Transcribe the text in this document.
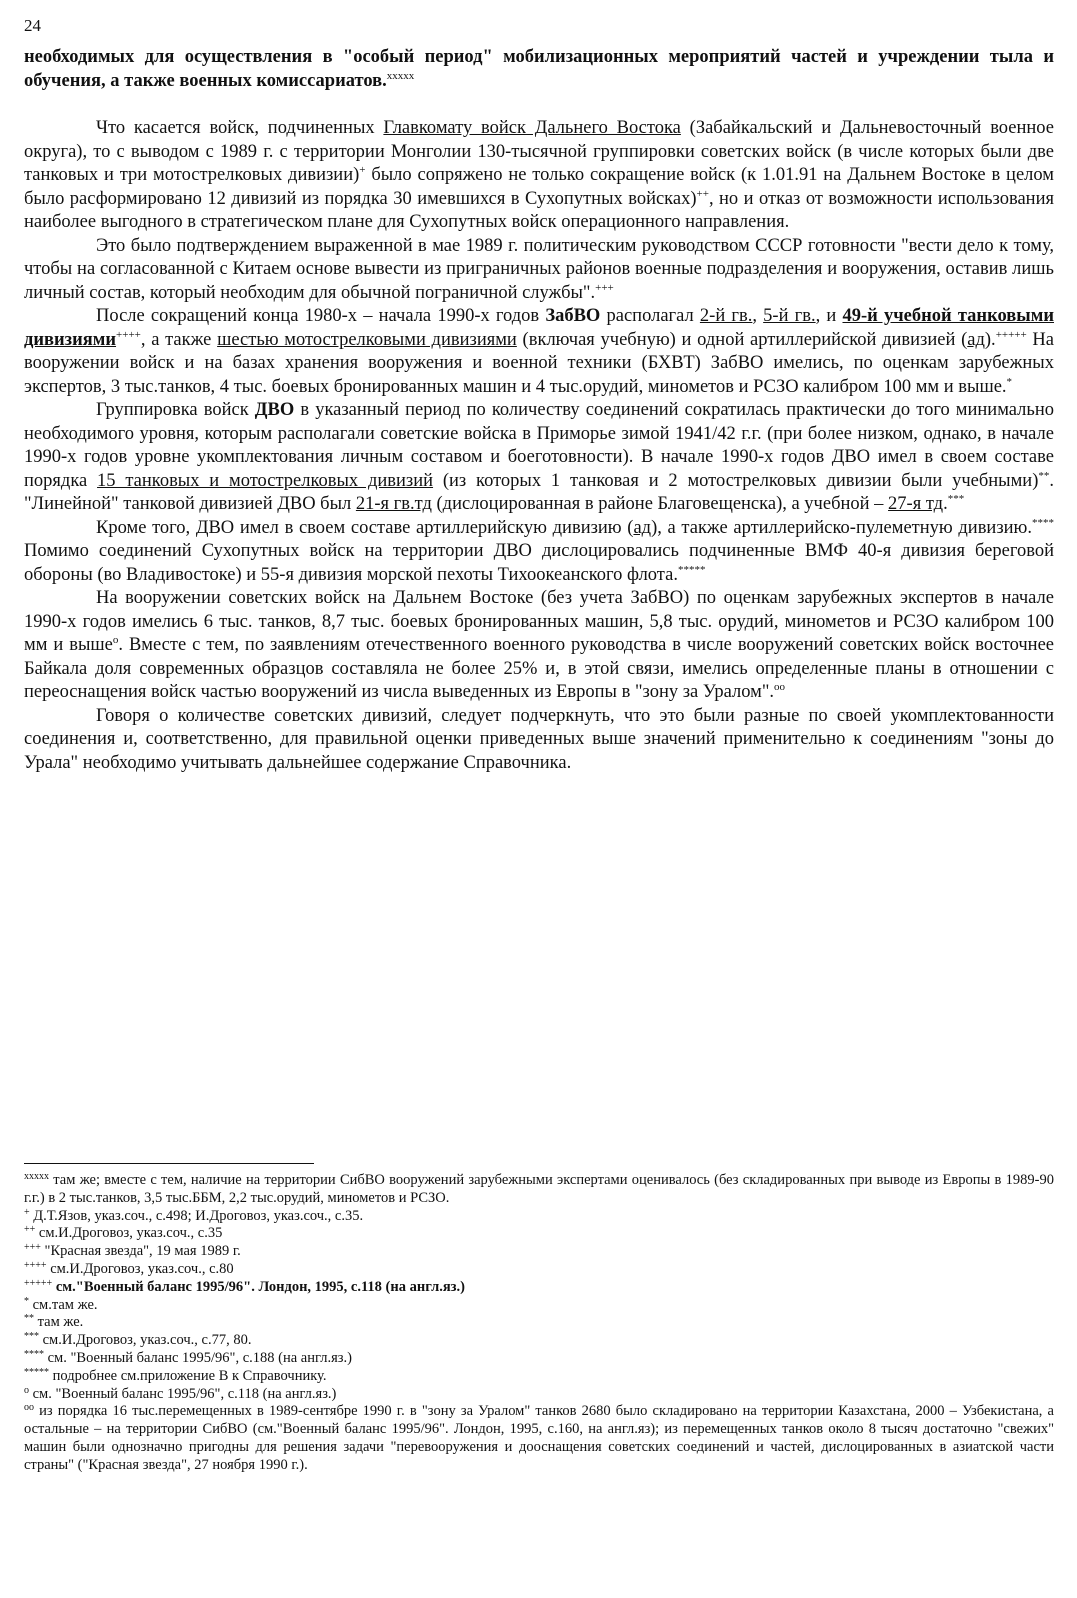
24

необходимых для осуществления в "особый период" мобилизационных мероприятий частей и учреждении тыла и обучения, а также военных комиссариатов.$^{xxxxx}$

Что касается войск, подчиненных Главкомату войск Дальнего Востока (Забайкальский и Дальневосточный военное округа), то с выводом с 1989 г. с территории Монголии 130-тысячной группировки советских войск (в числе которых были две танковых и три мотострелковых дивизии)+ было сопряжено не только сокращение войск (к 1.01.91 на Дальнем Востоке в целом было расформировано 12 дивизий из порядка 30 имевшихся в Сухопутных войсках)++, но и отказ от возможности использования наиболее выгодного в стратегическом плане для Сухопутных войск операционного направления.

Это было подтверждением выраженной в мае 1989 г. политическим руководством СССР готовности "вести дело к тому, чтобы на согласованной с Китаем основе вывести из приграничных районов военные подразделения и вооружения, оставив лишь личный состав, который необходим для обычной пограничной службы".+++

После сокращений конца 1980-х – начала 1990-х годов ЗабВО располагал 2-й гв., 5-й гв., и 49-й учебной танковыми дивизиями++++, а также шестью мотострелковыми дивизиями (включая учебную) и одной артиллерийской дивизией (ад).+++++ На вооружении войск и на базах хранения вооружения и военной техники (БХВТ) ЗабВО имелись, по оценкам зарубежных экспертов, 3 тыс.танков, 4 тыс. боевых бронированных машин и 4 тыс.орудий, минометов и РСЗО калибром 100 мм и выше.*

Группировка войск ДВО в указанный период по количеству соединений сократилась практически до того минимально необходимого уровня, которым располагали советские войска в Приморье зимой 1941/42 г.г. (при более низком, однако, в начале 1990-х годов уровне укомплектования личным составом и боеготовности). В начале 1990-х годов ДВО имел в своем составе порядка 15 танковых и мотострелковых дивизий (из которых 1 танковая и 2 мотострелковых дивизии были учебными)**. "Линейной" танковой дивизией ДВО был 21-я гв.тд (дислоцированная в районе Благовещенска), а учебной – 27-я тд.***

Кроме того, ДВО имел в своем составе артиллерийскую дивизию (ад), а также артиллерийско-пулеметную дивизию.**** Помимо соединений Сухопутных войск на территории ДВО дислоцировались подчиненные ВМФ 40-я дивизия береговой обороны (во Владивостоке) и 55-я дивизия морской пехоты Тихоокеанского флота.*****

На вооружении советских войск на Дальнем Востоке (без учета ЗабВО) по оценкам зарубежных экспертов в начале 1990-х годов имелись 6 тыс. танков, 8,7 тыс. боевых бронированных машин, 5,8 тыс. орудий, минометов и РСЗО калибром 100 мм и выше$^o$. Вместе с тем, по заявлениям отечественного военного руководства в числе вооружений советских войск восточнее Байкала доля современных образцов составляла не более 25% и, в этой связи, имелись определенные планы в отношении с переоснащения войск частью вооружений из числа выведенных из Европы в "зону за Уралом".$^{oo}$

Говоря о количестве советских дивизий, следует подчеркнуть, что это были разные по своей укомплектованности соединения и, соответственно, для правильной оценки приведенных выше значений применительно к соединениям "зоны до Урала" необходимо учитывать дальнейшее содержание Справочника.

$^{xxxxx}$ там же; вместе с тем, наличие на территории СибВО вооружений зарубежными экспертами оценивалось (без складированных при выводе из Европы в 1989-90 г.г.) в 2 тыс.танков, 3,5 тыс.ББМ, 2,2 тыс.орудий, минометов и РСЗО.

+ Д.Т.Язов, указ.соч., с.498; И.Дроговоз, указ.соч., с.35.

++ см.И.Дроговоз, указ.соч., с.35

+++ "Красная звезда", 19 мая 1989 г.

++++ см.И.Дроговоз, указ.соч., с.80

+++++ см."Военный баланс 1995/96". Лондон, 1995, с.118 (на англ.яз.)

* см.там же.

** там же.

*** см.И.Дроговоз, указ.соч., с.77, 80.

**** см. "Военный баланс 1995/96", с.188 (на англ.яз.)

***** подробнее см.приложение В к Справочнику.

$^o$ см. "Военный баланс 1995/96", с.118 (на англ.яз.)

$^{oo}$ из порядка 16 тыс.перемещенных в 1989-сентябре 1990 г. в "зону за Уралом" танков 2680 было складировано на территории Казахстана, 2000 – Узбекистана, а остальные – на территории СибВО (см."Военный баланс 1995/96". Лондон, 1995, с.160, на англ.яз); из перемещенных танков около 8 тысяч достаточно "свежих" машин были однозначно пригодны для решения задачи "перевооружения и дооснащения советских соединений и частей, дислоцированных в азиатской части страны" ("Красная звезда", 27 ноября 1990 г.).
